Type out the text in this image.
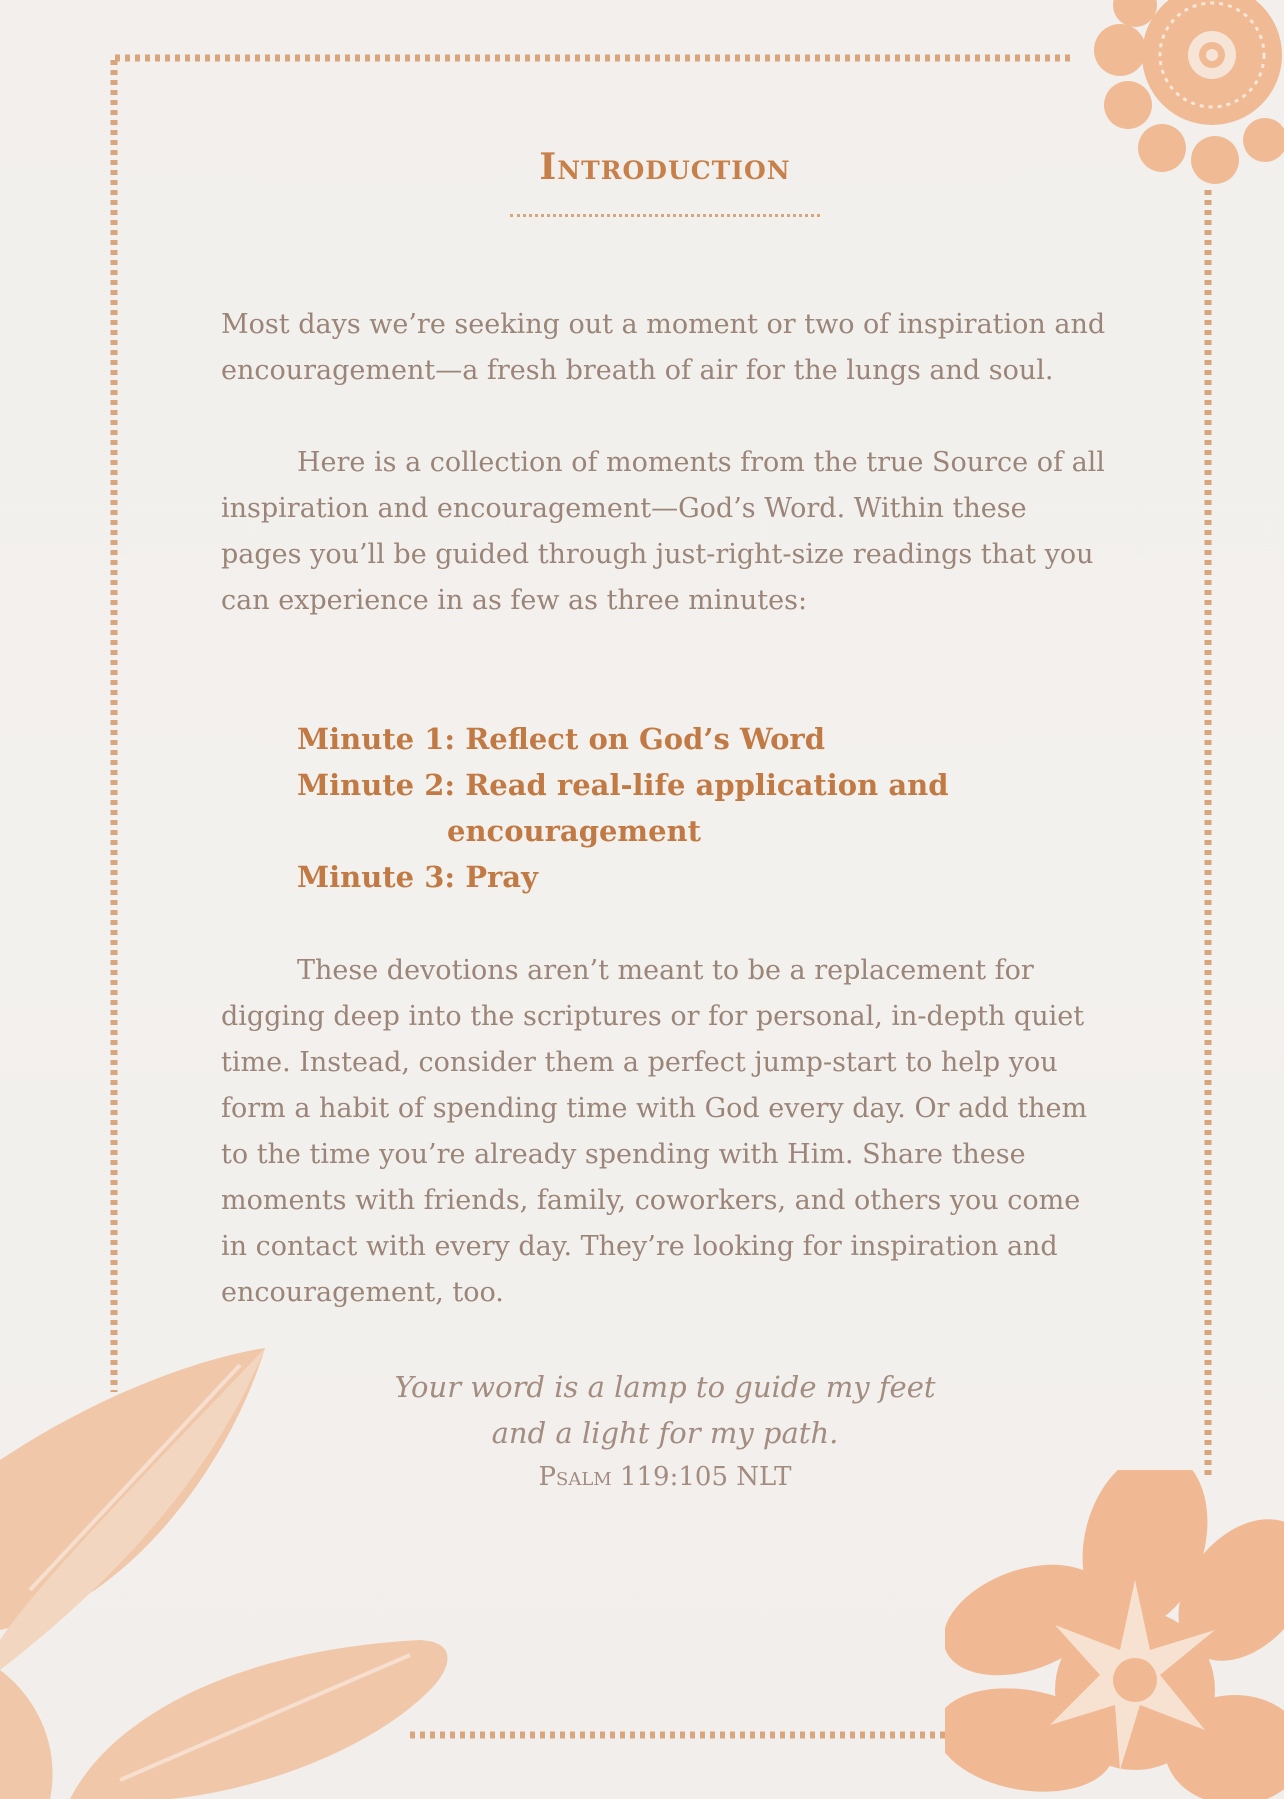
Introduction

Most days we’re seeking out a moment or two of inspiration and encouragement—a fresh breath of air for the lungs and soul.

Here is a collection of moments from the true Source of all inspiration and encouragement—God’s Word. Within these pages you’ll be guided through just-right-size readings that you can experience in as few as three minutes:

Minute 1: Reflect on God’s Word
Minute 2: Read real-life application and
encouragement
Minute 3: Pray

These devotions aren’t meant to be a replacement for digging deep into the scriptures or for personal, in-depth quiet time. Instead, consider them a perfect jump-start to help you form a habit of spending time with God every day. Or add them to the time you’re already spending with Him. Share these moments with friends, family, coworkers, and others you come in contact with every day. They’re looking for inspiration and encouragement, too.

Your word is a lamp to guide my feet
and a light for my path.

Psalm 119:105 NLT
